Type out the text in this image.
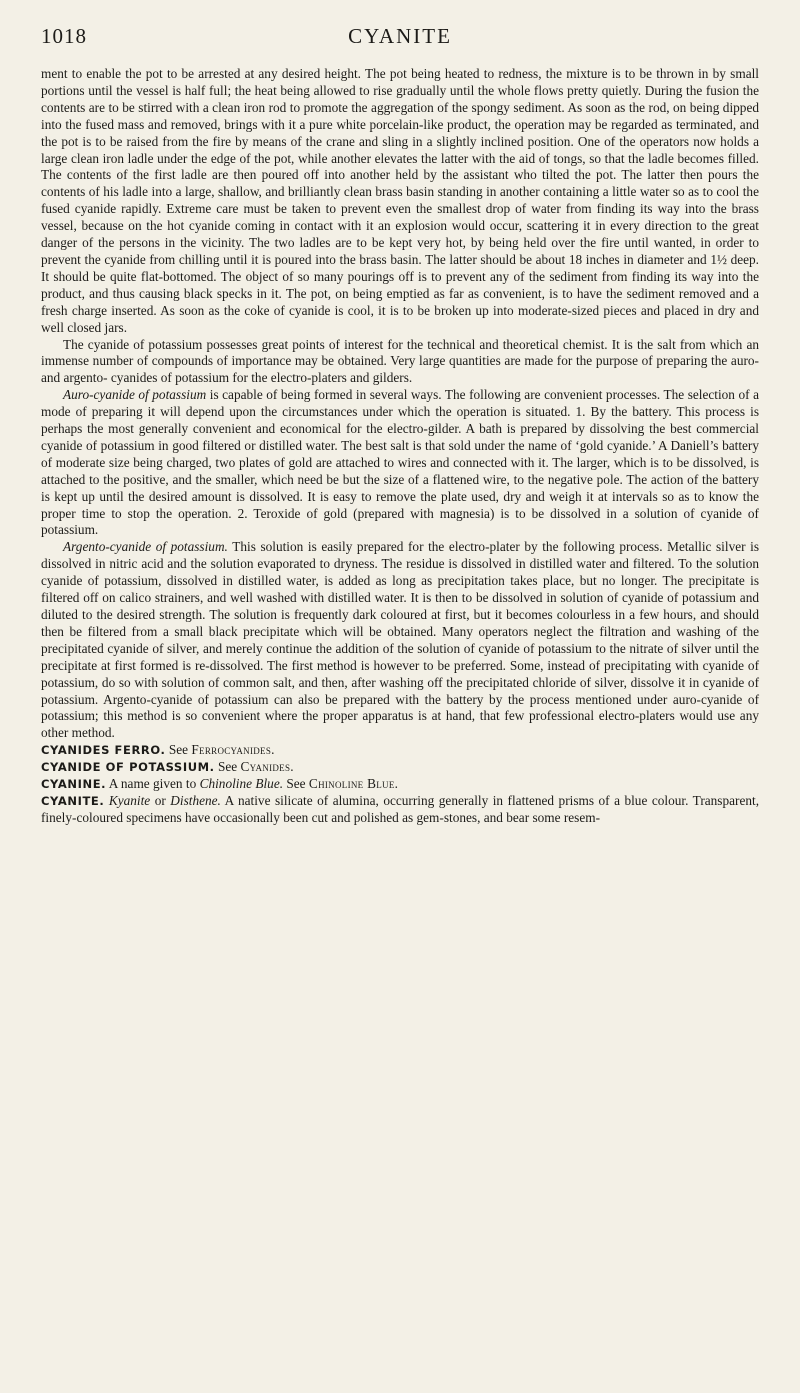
1018	CYANITE

ment to enable the pot to be arrested at any desired height. The pot being heated to redness, the mixture is to be thrown in by small portions until the vessel is half full; the heat being allowed to rise gradually until the whole flows pretty quietly. During the fusion the contents are to be stirred with a clean iron rod to promote the aggregation of the spongy sediment. As soon as the rod, on being dipped into the fused mass and removed, brings with it a pure white porcelain-like product, the operation may be regarded as terminated, and the pot is to be raised from the fire by means of the crane and sling in a slightly inclined position. One of the operators now holds a large clean iron ladle under the edge of the pot, while another elevates the latter with the aid of tongs, so that the ladle becomes filled. The contents of the first ladle are then poured off into another held by the assistant who tilted the pot. The latter then pours the contents of his ladle into a large, shallow, and brilliantly clean brass basin standing in another containing a little water so as to cool the fused cyanide rapidly. Extreme care must be taken to prevent even the smallest drop of water from finding its way into the brass vessel, because on the hot cyanide coming in contact with it an explosion would occur, scattering it in every direction to the great danger of the persons in the vicinity. The two ladles are to be kept very hot, by being held over the fire until wanted, in order to prevent the cyanide from chilling until it is poured into the brass basin. The latter should be about 18 inches in diameter and 1½ deep. It should be quite flat-bottomed. The object of so many pourings off is to prevent any of the sediment from finding its way into the product, and thus causing black specks in it. The pot, on being emptied as far as convenient, is to have the sediment removed and a fresh charge inserted. As soon as the coke of cyanide is cool, it is to be broken up into moderate-sized pieces and placed in dry and well closed jars.

The cyanide of potassium possesses great points of interest for the technical and theoretical chemist. It is the salt from which an immense number of compounds of importance may be obtained. Very large quantities are made for the purpose of preparing the auro- and argento- cyanides of potassium for the electro-platers and gilders.

Auro-cyanide of potassium is capable of being formed in several ways. The following are convenient processes. The selection of a mode of preparing it will depend upon the circumstances under which the operation is situated. 1. By the battery. This process is perhaps the most generally convenient and economical for the electro-gilder. A bath is prepared by dissolving the best commercial cyanide of potassium in good filtered or distilled water. The best salt is that sold under the name of ‘gold cyanide.’ A Daniell’s battery of moderate size being charged, two plates of gold are attached to wires and connected with it. The larger, which is to be dissolved, is attached to the positive, and the smaller, which need be but the size of a flattened wire, to the negative pole. The action of the battery is kept up until the desired amount is dissolved. It is easy to remove the plate used, dry and weigh it at intervals so as to know the proper time to stop the operation. 2. Teroxide of gold (prepared with magnesia) is to be dissolved in a solution of cyanide of potassium.

Argento-cyanide of potassium. This solution is easily prepared for the electro-plater by the following process. Metallic silver is dissolved in nitric acid and the solution evaporated to dryness. The residue is dissolved in distilled water and filtered. To the solution cyanide of potassium, dissolved in distilled water, is added as long as precipitation takes place, but no longer. The precipitate is filtered off on calico strainers, and well washed with distilled water. It is then to be dissolved in solution of cyanide of potassium and diluted to the desired strength. The solution is frequently dark coloured at first, but it becomes colourless in a few hours, and should then be filtered from a small black precipitate which will be obtained. Many operators neglect the filtration and washing of the precipitated cyanide of silver, and merely continue the addition of the solution of cyanide of potassium to the nitrate of silver until the precipitate at first formed is re-dissolved. The first method is however to be preferred. Some, instead of precipitating with cyanide of potassium, do so with solution of common salt, and then, after washing off the precipitated chloride of silver, dissolve it in cyanide of potassium. Argento-cyanide of potassium can also be prepared with the battery by the process mentioned under auro-cyanide of potassium; this method is so convenient where the proper apparatus is at hand, that few professional electro-platers would use any other method.

CYANIDES FERRO. See Ferrocyanides.

CYANIDE OF POTASSIUM. See Cyanides.

CYANINE. A name given to Chinoline Blue. See Chinoline Blue.

CYANITE. Kyanite or Disthene. A native silicate of alumina, occurring generally in flattened prisms of a blue colour. Transparent, finely-coloured specimens have occasionally been cut and polished as gem-stones, and bear some resem-
